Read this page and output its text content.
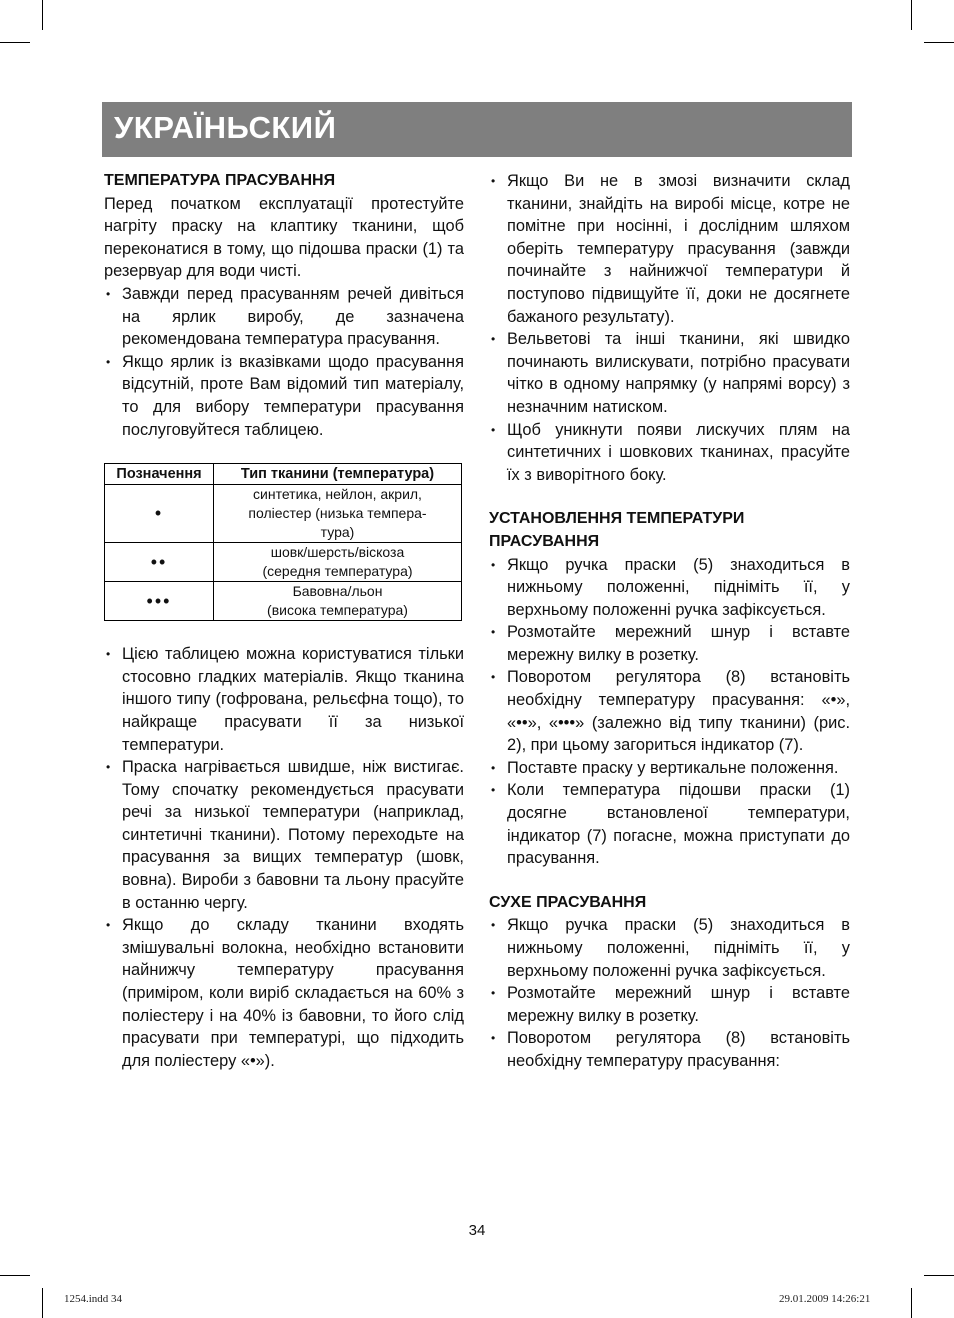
УКРАЇНЬСКИЙ
ТЕМПЕРАТУРА ПРАСУВАННЯ

Перед початком експлуатації протестуйте нагріту праску на клаптику тканини, щоб переконатися в тому, що підошва праски (1) та резервуар для води чисті.

• Завжди перед прасуванням речей дивіться на ярлик виробу, де зазначена рекомендована температура прасування.
• Якщо ярлик із вказівками щодо прасування відсутній, проте Вам відомий тип матеріалу, то для вибору температури прасування послуговуйтеся таблицею.
Позначення	Тип тканини (температура)
•	синтетика, нейлон, акрил,
поліестер (низька темпера-
тура)

••	шовк/шерсть/віскоза
(середня температура)

•••	Бавовна/льон
(висока температура)
• Цією таблицею можна користуватися тільки стосовно гладких матеріалів. Якщо тканина іншого типу (гофрована, рельєфна тощо), то найкраще прасувати її за низької температури.
• Праска нагрівається швидше, ніж вистигає. Тому спочатку рекомендується прасувати речі за низької температури (наприклад, синтетичні тканини). Потому переходьте на прасування за вищих температур (шовк, вовна). Вироби з бавовни та льону прасуйте в останню чергу.
• Якщо до складу тканини входять змішувальні волокна, необхідно встановити найнижчу температуру прасування (приміром, коли виріб складається на 60% з поліестеру і на 40% із бавовни, то його слід прасувати при температурі, що підходить для поліестеру «•»).
• Якщо Ви не в змозі визначити склад тканини, знайдіть на виробі місце, котре не помітне при носінні, і дослідним шляхом оберіть температуру прасування (завжди починайте з найнижчої температури й поступово підвищуйте її, доки не досягнете бажаного результату).
• Вельветові та інші тканини, які швидко починають вилискувати, потрібно прасувати чітко в одному напрямку (у напрямі ворсу) з незначним натиском.
• Щоб уникнути появи лискучих плям на синтетичних і шовкових тканинах, прасуйте їх з виворітного боку.
УСТАНОВЛЕННЯ ТЕМПЕРАТУРИ
ПРАСУВАННЯ
• Якщо ручка праски (5) знаходиться в нижньому положенні, підніміть її, у верхньому положенні ручка зафіксується.
• Розмотайте мережний шнур і вставте мережну вилку в розетку.
• Поворотом регулятора (8) встановіть необхідну температуру прасування: «•», «••», «•••» (залежно від типу тканини) (рис. 2), при цьому загориться індикатор (7).
• Поставте праску у вертикальне положення.
• Коли температура підошви праски (1) досягне встановленої температури, індикатор (7) погасне, можна приступати до прасування.
СУХЕ ПРАСУВАННЯ
• Якщо ручка праски (5) знаходиться в нижньому положенні, підніміть її, у верхньому положенні ручка зафіксується.
• Розмотайте мережний шнур і вставте мережну вилку в розетку.
• Поворотом регулятора (8) встановіть необхідну температуру прасування:
34
1254.indd 34	29.01.2009 14:26:21
